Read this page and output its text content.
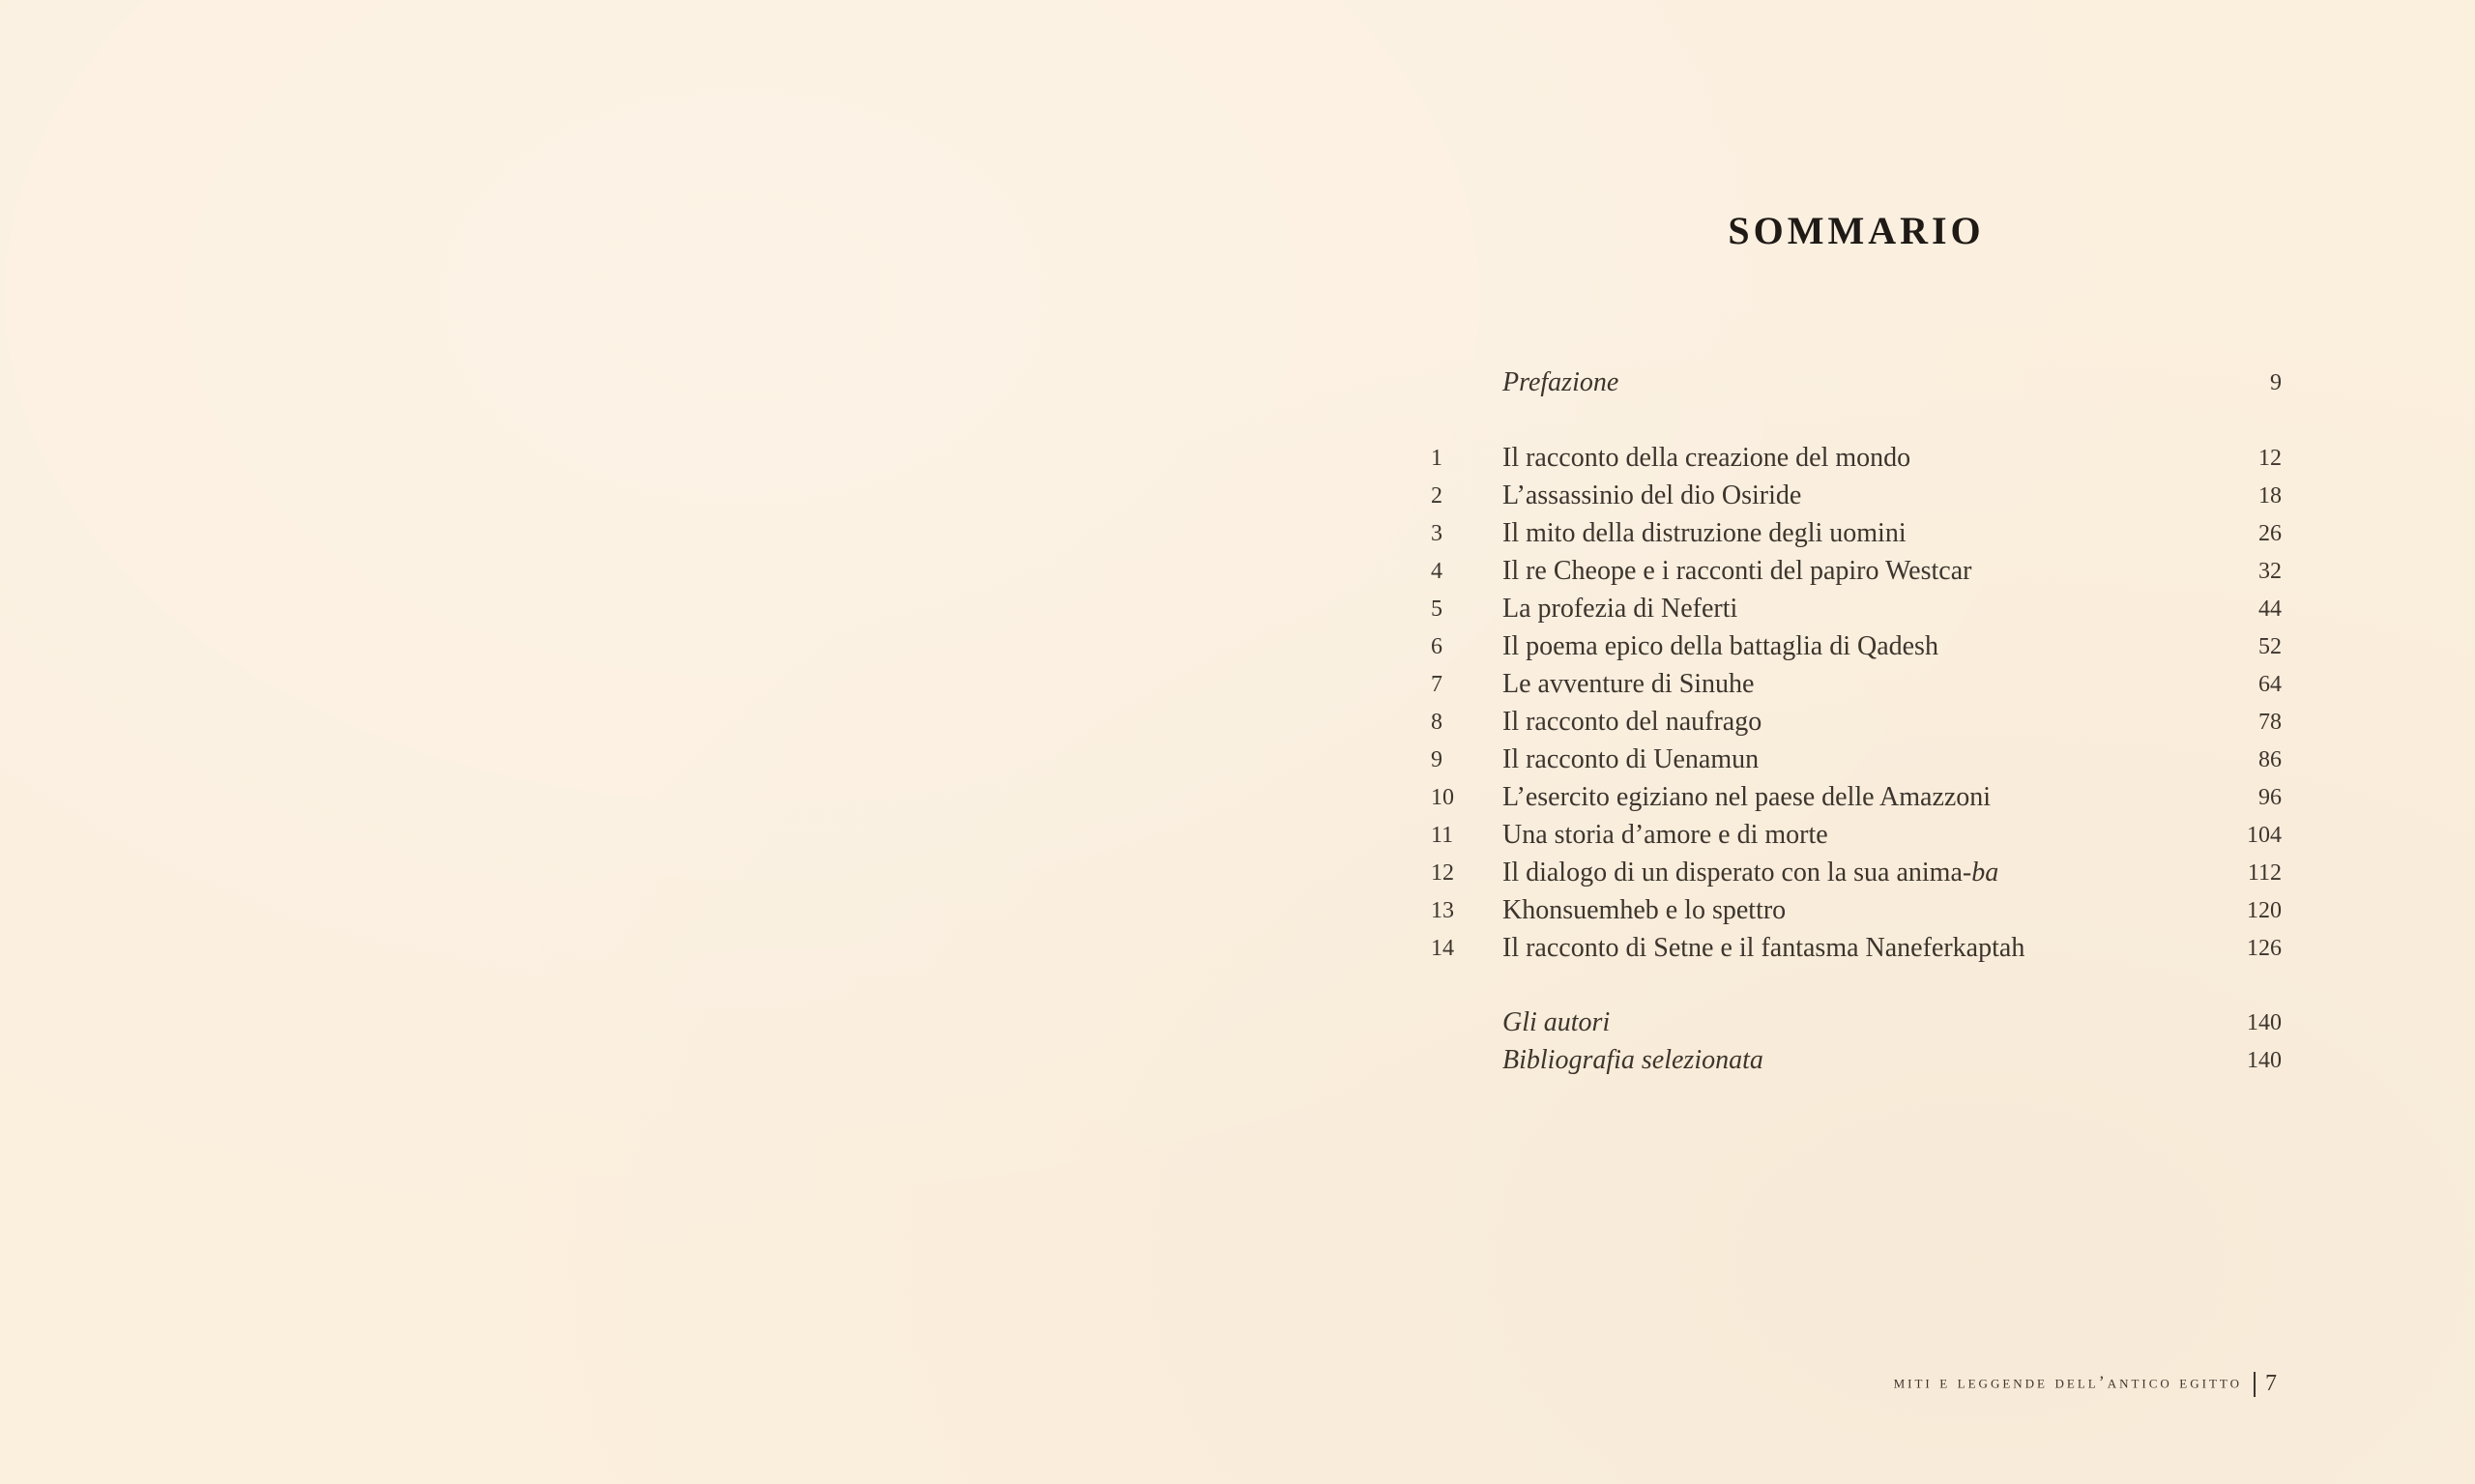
SOMMARIO
Prefazione	9
1	Il racconto della creazione del mondo	12
2	L’assassinio del dio Osiride	18
3	Il mito della distruzione degli uomini	26
4	Il re Cheope e i racconti del papiro Westcar	32
5	La profezia di Neferti	44
6	Il poema epico della battaglia di Qadesh	52
7	Le avventure di Sinuhe	64
8	Il racconto del naufrago	78
9	Il racconto di Uenamun	86
10	L’esercito egiziano nel paese delle Amazzoni	96
11	Una storia d’amore e di morte	104
12	Il dialogo di un disperato con la sua anima-ba	112
13	Khonsuemheb e lo spettro	120
14	Il racconto di Setne e il fantasma Naneferkaptah	126
Gli autori	140
Bibliografia selezionata	140
miti e leggende dell’antico egitto 7
